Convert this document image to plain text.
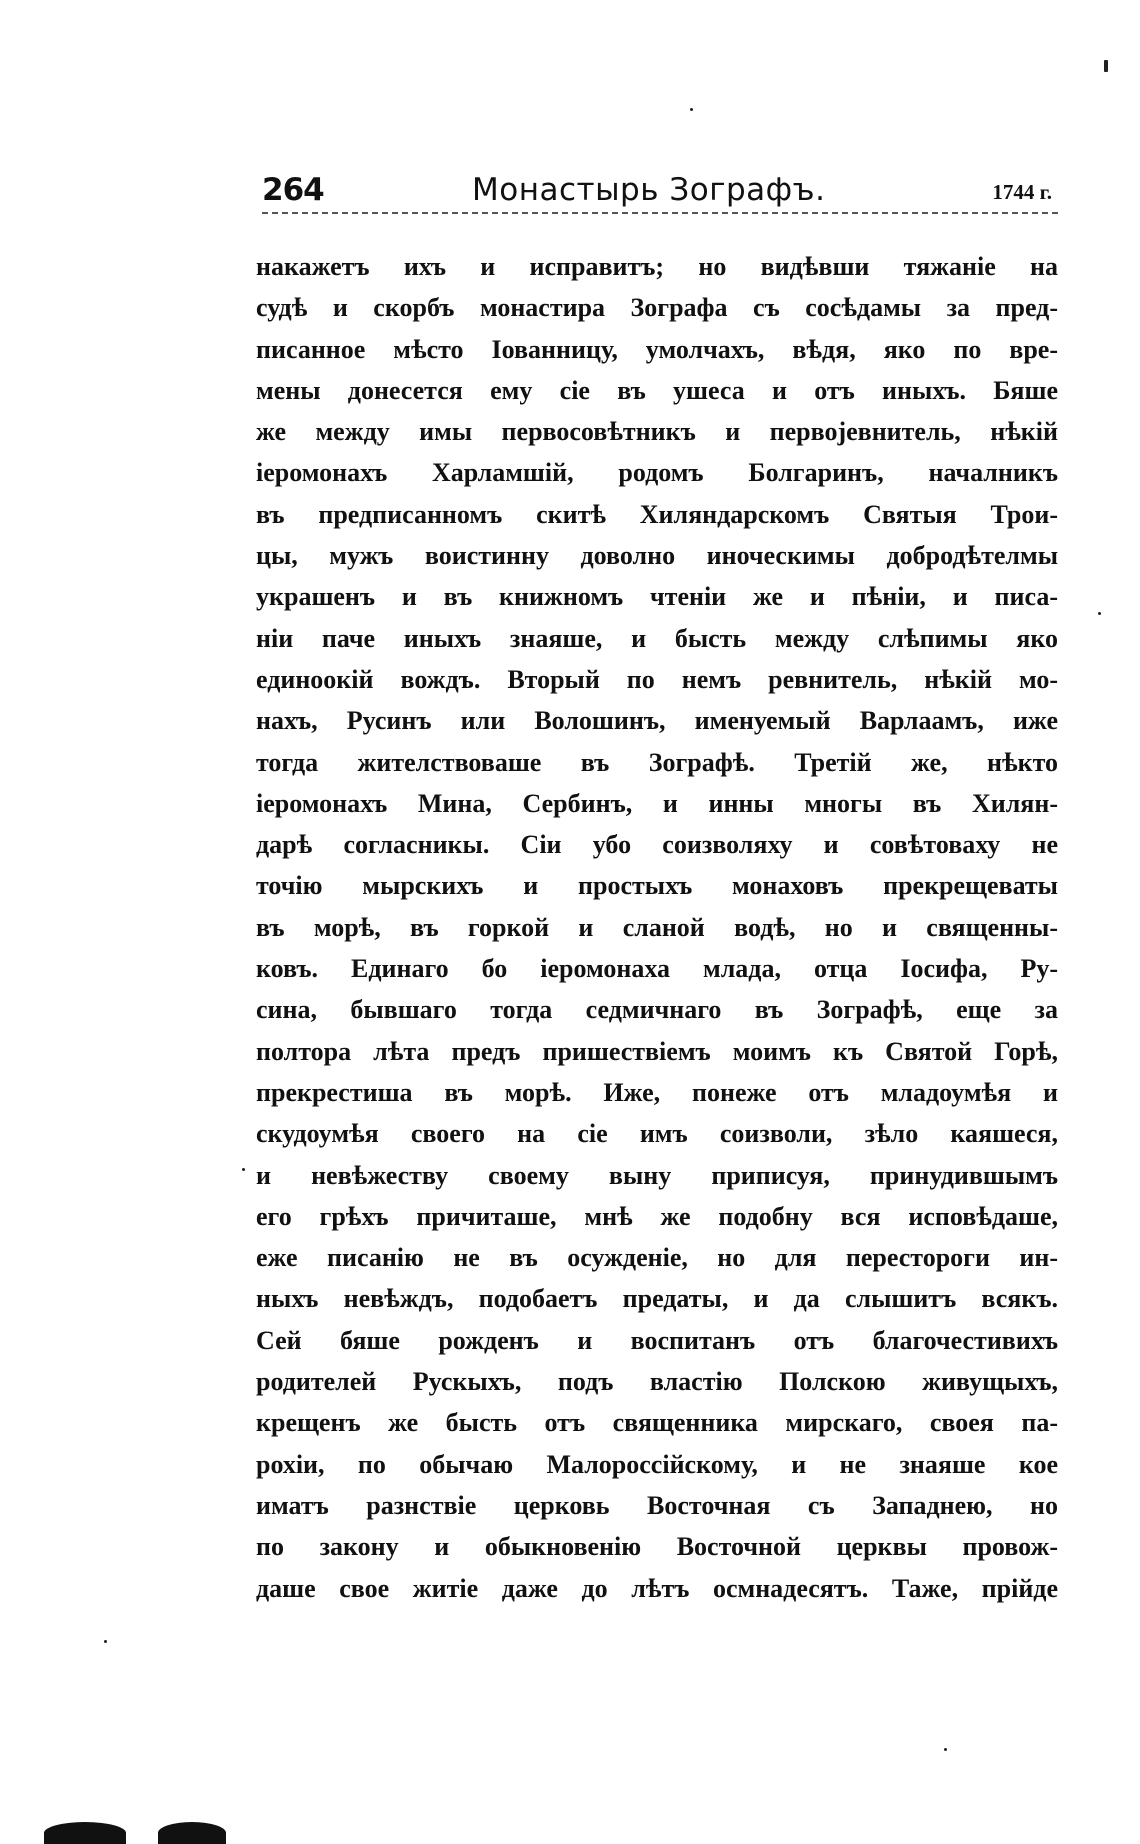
264	Монастырь Зографъ.	1744 г.
накажетъ ихъ и исправитъ; но видѣвши тяжаніе на
судѣ и скорбъ монастира Зографа съ сосѣдамы за пред-
писанное мѣсто Іованницу, умолчахъ, вѣдя, яко по вре-
мены донесется ему сіе въ ушеса и отъ иныхъ. Бяше
же между имы первосовѣтникъ и первоjевнитель, нѣкій
іеромонахъ Харламшій, родомъ Болгаринъ, началникъ
въ предписанномъ скитѣ Хиляндарскомъ Святыя Трои-
цы, мужъ воистинну доволно иноческимы добродѣтелмы
украшенъ и въ книжномъ чтеніи же и пѣніи, и писа-
ніи паче иныхъ знаяше, и бысть между слѣпимы яко
единоокій вождъ. Вторый по немъ ревнитель, нѣкій мо-
нахъ, Русинъ или Волошинъ, именуемый Варлаамъ, иже
тогда жителствоваше въ Зографѣ. Третій же, нѣкто
іеромонахъ Мина, Сербинъ, и инны многы въ Хилян-
дарѣ согласникы. Сіи убо соизволяху и совѣтоваху не
точію мырскихъ и простыхъ монаховъ прекрещеваты
въ морѣ, въ горкой и сланой водѣ, но и священны-
ковъ. Единаго бо іеромонаха млада, отца Іосифа, Ру-
сина, бывшаго тогда седмичнаго въ Зографѣ, еще за
полтора лѣта предъ пришествіемъ моимъ къ Святой Горѣ,
прекрестиша въ морѣ. Иже, понеже отъ младоумѣя и
скудоумѣя своего на сіе имъ соизволи, зѣло каяшеся,
и невѣжеству своему выну приписуя, принудившымъ
его грѣхъ причиташе, мнѣ же подобну вся исповѣдаше,
еже писанію не въ осужденіе, но для перестороги ин-
ныхъ невѣждъ, подобаетъ предаты, и да слышитъ всякъ.
Сей бяше рожденъ и воспитанъ отъ благочестивихъ
родителей Рускыхъ, подъ властію Полскою живущыхъ,
крещенъ же бысть отъ священника мирскаго, своея па-
рохіи, по обычаю Малороссійскому, и не знаяше кое
иматъ разнствіе церковь Восточная съ Западнею, но
по закону и обыкновенію Восточной церквы провож-
даше свое житіе даже до лѣтъ осмнадесятъ. Таже, прійде
